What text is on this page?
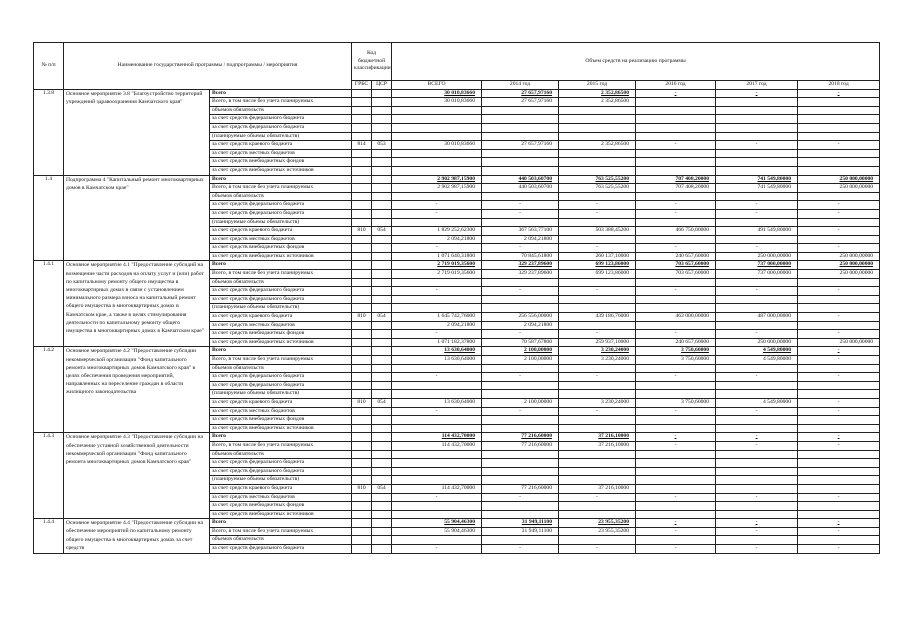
№ п/п	Наименование государственной программы / подпрограммы / мероприятия		Код бюджетной классификации		Объем средств на реализацию программы					
			ГРБС	ЦСР	ВСЕГО	2014 год	2015 год	2016 год	2017 год	2018 год
1.3.8	Основное мероприятие 3.8 "Благоустройство территорий учреждений здравоохранения Камчатского края"	Всего			30 010,83660	27 657,97160	2 352,86500	-	-	-
		Всего, в том числе без учета планируемых			30 010,83660	27 657,97160	2 352,86500			
		объемов обязательств								
		за счет средств федерального бюджета								
		за счет средств федерального бюджета								
		(планируемые объемы обязательств)								
		за счет средств краевого бюджета	814	053	30 010,83660	27 657,97160	2 352,86500	-	-	-
		за счет средств местных бюджетов								
		за счет средств внебюджетных фондов								
		за счет средств внебюджетных источников								
1.4	Подпрограмма 4 "Капитальный ремонт многоквартирных домов в Камчатском крае"	Всего			2 902 987,15900	440 503,60700	763 525,55200	707 408,20000	741 549,80000	250 000,00000
		Всего, в том числе без учета планируемых			2 902 987,15900	440 503,60700	763 525,55200	707 408,20000	741 549,80000	250 000,00000
		объемов обязательств								
		за счет средств федерального бюджета			-	-	-	-	-	-
		за счет средств федерального бюджета			-	-	-	-	-	-
		(планируемые объемы обязательств)								
		за счет средств краевого бюджета	810	054	1 829 252,62300	367 563,77100	503 388,45200	466 750,00000	491 549,80000	-
		за счет средств местных бюджетов			2 094,21800	2 094,21800				
		за счет средств внебюджетных фондов			-	-	-	-	-	-
		за счет средств внебюджетных источников			1 071 640,31800	70 845,61800	260 137,10000	240 657,60000	250 000,00000	250 000,00000
1.4.1	Основное мероприятие 4.1 "Предоставление субсидий на возмещение части расходов на оплату услуг и (или) работ по капитальному ремонту общего имущества в многоквартирных домах в связи с установлением минимального размера взноса на капитальный ремонт общего имущества в многоквартирных домах в Камчатском крае, а также в целях стимулирования деятельности по капитальному ремонту общего имущества в многоквартирных домах в Камчатском крае"	Всего			2 719 019,35600	329 237,89600	699 123,86000	703 657,60000	737 000,00000	250 000,00000
		Всего, в том числе без учета планируемых			2 719 019,35600	329 237,89600	699 123,86000	703 657,60000	737 000,00000	250 000,00000
		объемов обязательств								
		за счет средств федерального бюджета			-	-	-	-	-	-
		за счет средств федерального бюджета								
		(планируемые объемы обязательств)								
		за счет средств краевого бюджета	810	054	1 645 742,76000	256 556,00000	439 186,76000	463 000,00000	487 000,00000	-
		за счет средств местных бюджетов			2 094,21800	2 094,21800				
		за счет средств внебюджетных фондов			-	-	-	-	-	-
		за счет средств внебюджетных источников			1 071 182,37800	70 587,67800	259 937,10000	240 657,60000	250 000,00000	250 000,00000
1.4.2	Основное мероприятие 4.2 "Предоставление субсидии некоммерческой организации "Фонд капитального ремонта многоквартирных домов Камчатского края" в целях обеспечения проведения мероприятий, направленных на переселение граждан в области жилищного законодательства	Всего			13 630,64000	2 100,00000	3 230,24000	3 750,60000	4 549,80000	-
		Всего, в том числе без учета планируемых			13 630,64000	2 100,00000	3 230,24000	3 750,60000	4 549,80000	-
		объемов обязательств								
		за счет средств федерального бюджета			-	-	-	-	-	-
		за счет средств федерального бюджета								
		(планируемые объемы обязательств)								
		за счет средств краевого бюджета	810	054	13 630,64000	2 100,00000	3 230,24000	3 750,60000	4 549,80000	-
		за счет средств местных бюджетов			-	-	-	-	-	-
		за счет средств внебюджетных фондов								
		за счет средств внебюджетных источников								
1.4.3	Основное мероприятие 4.3 "Предоставление субсидии на обеспечение уставной хозяйственной деятельности некоммерческой организации "Фонд капитального ремонта многоквартирных домов Камчатского края"	Всего			114 432,70000	77 216,60000	37 216,10000	-	-	-
		Всего, в том числе без учета планируемых			114 432,70000	77 216,60000	37 216,10000	-	-	-
		объемов обязательств								
		за счет средств федерального бюджета								
		за счет средств федерального бюджета								
		(планируемые объемы обязательств)								
		за счет средств краевого бюджета	810	054	114 432,70000	77 216,60000	37 216,10000			
		за счет средств местных бюджетов			-	-	-	-	-	-
		за счет средств внебюджетных фондов								
		за счет средств внебюджетных источников								
1.4.4	Основное мероприятие 4.4 "Предоставление субсидии на обеспечение мероприятий по капитальному ремонту общего имущества в многоквартирных домах за счет средств	Всего			55 904,46300	31 949,11100	23 955,35200	-	-	-
		Всего, в том числе без учета планируемых			55 904,46300	31 949,11100	23 955,35200	-	-	-
		объемов обязательств								
		за счет средств федерального бюджета			-	-	-	-	-	-
